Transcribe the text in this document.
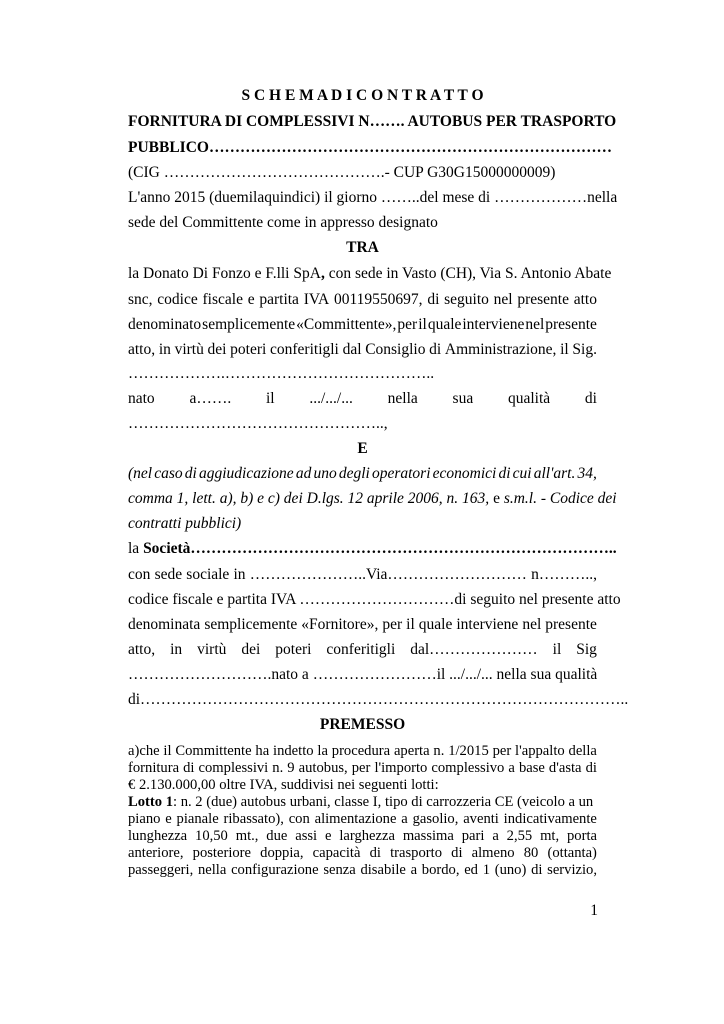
S C H E M A D I C O N T R A T T O
FORNITURA DI COMPLESSIVI N……. AUTOBUS PER TRASPORTO
PUBBLICO……………………………………………………………………
(CIG …………………………………….- CUP G30G15000000009)
L'anno 2015 (duemilaquindici) il giorno ……..del mese di ………………nella
sede del Committente come in appresso designato
TRA
la Donato Di Fonzo e F.lli SpA, con sede in Vasto (CH), Via S. Antonio Abate
snc, codice fiscale e partita IVA 00119550697, di seguito nel presente atto
denominato semplicemente «Committente», per il quale interviene nel presente
atto, in virtù dei poteri conferitigli dal Consiglio di Amministrazione, il Sig.
……………….…………………………………..
nato a……. il .../.../... nella sua qualità di
…………………………………………..,
E
(nel caso di aggiudicazione ad uno degli operatori economici di cui all'art. 34,
comma 1, lett. a), b) e c) dei D.lgs. 12 aprile 2006, n. 163, e s.m.l. - Codice dei
contratti pubblici)
la Società………………………………………………………………………..
con sede sociale in …………………..Via……………………… n………..,
codice fiscale e partita IVA …………………………di seguito nel presente atto
denominata semplicemente «Fornitore», per il quale interviene nel presente
atto, in virtù dei poteri conferitigli dal………………… il Sig
……………………….nato a ……………………il .../.../... nella sua qualità
di…………………………………………………………………………………..
PREMESSO
a)che il Committente ha indetto la procedura aperta n. 1/2015 per l'appalto della
fornitura di complessivi n. 9 autobus, per l'importo complessivo a base d'asta di
€ 2.130.000,00 oltre IVA, suddivisi nei seguenti lotti:
Lotto 1: n. 2 (due) autobus urbani, classe I, tipo di carrozzeria CE (veicolo a un
piano e pianale ribassato), con alimentazione a gasolio, aventi indicativamente
lunghezza 10,50 mt., due assi e larghezza massima pari a 2,55 mt, porta
anteriore, posteriore doppia, capacità di trasporto di almeno 80 (ottanta)
passeggeri, nella configurazione senza disabile a bordo, ed 1 (uno) di servizio,
1
